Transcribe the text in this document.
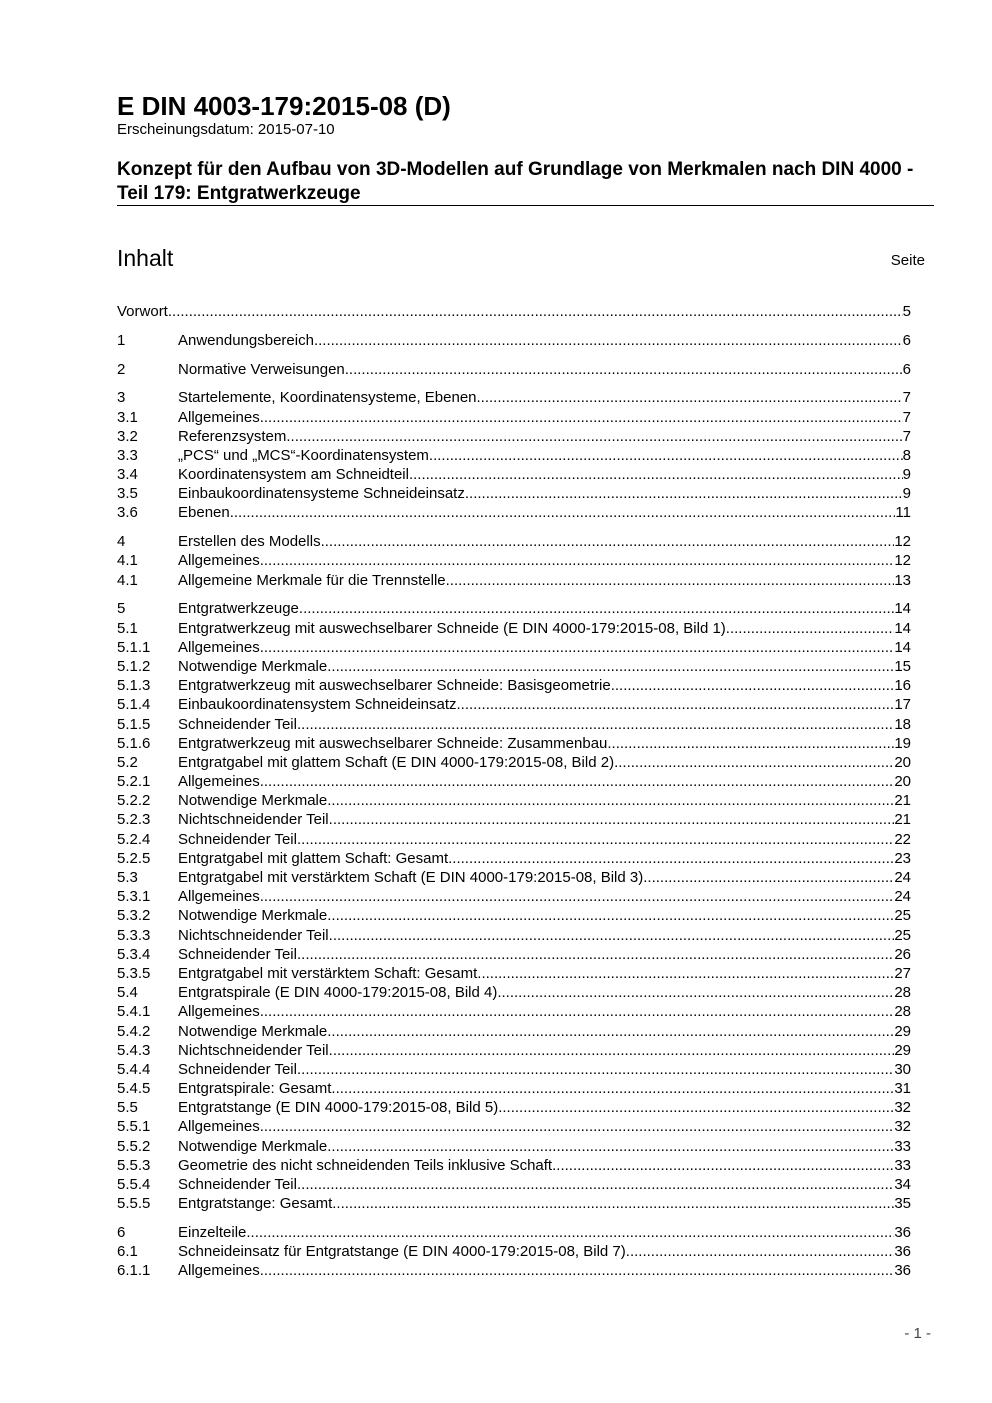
E DIN 4003-179:2015-08 (D)
Erscheinungsdatum: 2015-07-10
Konzept für den Aufbau von 3D-Modellen auf Grundlage von Merkmalen nach DIN 4000 - Teil 179: Entgratwerkzeuge
Inhalt	Seite
Vorwort .....	5
1	Anwendungsbereich .....	6
2	Normative Verweisungen .....	6
3	Startelemente, Koordinatensysteme, Ebenen .....	7
3.1	Allgemeines .....	7
3.2	Referenzsystem .....	7
3.3	„PCS“ und „MCS“-Koordinatensystem .....	8
3.4	Koordinatensystem am Schneidteil .....	9
3.5	Einbaukoordinatensysteme Schneideinsatz .....	9
3.6	Ebenen .....	11
4	Erstellen des Modells .....	12
4.1	Allgemeines .....	12
4.1	Allgemeine Merkmale für die Trennstelle .....	13
5	Entgratwerkzeuge .....	14
5.1	Entgratwerkzeug mit auswechselbarer Schneide (E DIN 4000-179:2015-08, Bild 1) .....	14
5.1.1 Allgemeines .....	14
5.1.2 Notwendige Merkmale .....	15
5.1.3 Entgratwerkzeug mit auswechselbarer Schneide: Basisgeometrie .....	16
5.1.4 Einbaukoordinatensystem Schneideinsatz .....	17
5.1.5 Schneidender Teil .....	18
5.1.6 Entgratwerkzeug mit auswechselbarer Schneide: Zusammenbau .....	19
5.2	Entgratgabel mit glattem Schaft (E DIN 4000-179:2015-08, Bild 2) .....	20
5.2.1 Allgemeines .....	20
5.2.2 Notwendige Merkmale .....	21
5.2.3 Nichtschneidender Teil .....	21
5.2.4 Schneidender Teil .....	22
5.2.5 Entgratgabel mit glattem Schaft: Gesamt .....	23
5.3	Entgratgabel mit verstärktem Schaft (E DIN 4000-179:2015-08, Bild 3) .....	24
5.3.1 Allgemeines .....	24
5.3.2 Notwendige Merkmale .....	25
5.3.3 Nichtschneidender Teil .....	25
5.3.4 Schneidender Teil .....	26
5.3.5 Entgratgabel mit verstärktem Schaft: Gesamt .....	27
5.4	Entgratspirale (E DIN 4000-179:2015-08, Bild 4) .....	28
5.4.1 Allgemeines .....	28
5.4.2 Notwendige Merkmale .....	29
5.4.3 Nichtschneidender Teil .....	29
5.4.4 Schneidender Teil .....	30
5.4.5 Entgratspirale: Gesamt .....	31
5.5	Entgratstange (E DIN 4000-179:2015-08, Bild 5) .....	32
5.5.1 Allgemeines .....	32
5.5.2 Notwendige Merkmale .....	33
5.5.3 Geometrie des nicht schneidenden Teils inklusive Schaft .....	33
5.5.4 Schneidender Teil .....	34
5.5.5 Entgratstange: Gesamt .....	35
6	Einzelteile .....	36
6.1	Schneideinsatz für Entgratstange (E DIN 4000-179:2015-08, Bild 7) .....	36
6.1.1 Allgemeines .....	36
- 1 -
